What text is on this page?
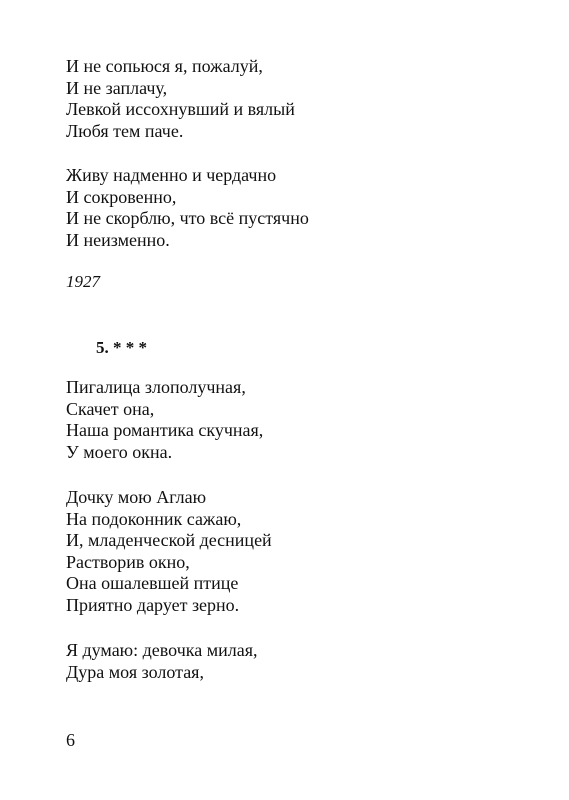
И не сопьюся я, пожалуй,
И не заплачу,
Левкой иссохнувший и вялый
Любя тем паче.
Живу надменно и чердачно
И сокровенно,
И не скорблю, что всё пустячно
И неизменно.
1927
5. * * *
Пигалица злополучная,
Скачет она,
Наша романтика скучная,
У моего окна.
Дочку мою Аглаю
На подоконник сажаю,
И, младенческой десницей
Растворив окно,
Она ошалевшей птице
Приятно дарует зерно.
Я думаю: девочка милая,
Дура моя золотая,
6
